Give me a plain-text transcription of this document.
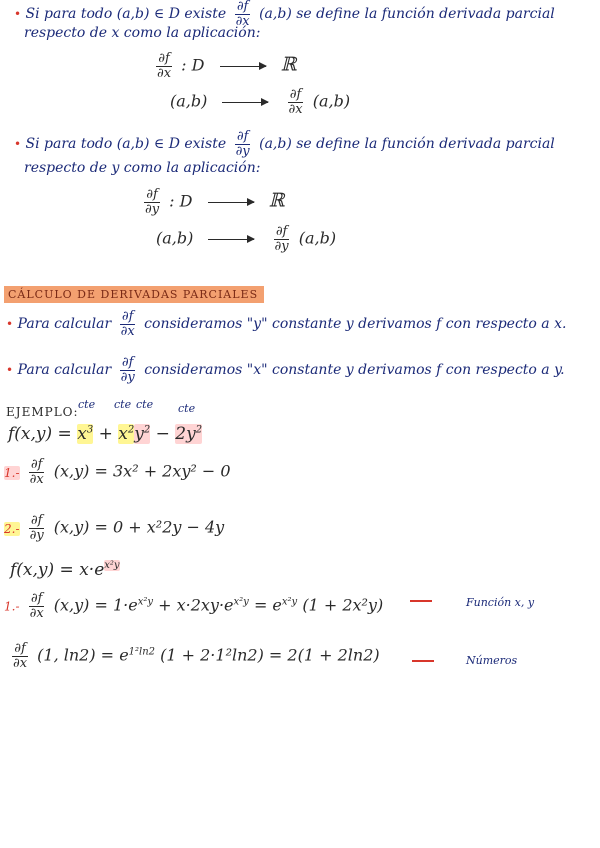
• Si para todo (a,b) ∈ D existe $\frac{\partial f}{\partial x} (a,b)$ se define la función derivada parcial
respecto de x como la aplicación:
$\frac{\partial f}{\partial x}$ : D	ℝ
(a,b)	$\frac{\partial f}{\partial x} (a,b)$
• Si para todo (a,b) ∈ D existe $\frac{\partial f}{\partial y} (a,b)$ se define la función derivada parcial
respecto de y como la aplicación:
$\frac{\partial f}{\partial y}$ : D	ℝ
(a,b)	$\frac{\partial f}{\partial y} (a,b)$
CÁLCULO DE DERIVADAS PARCIALES
• Para calcular $\frac{\partial f}{\partial x}$ consideramos "y" constante y derivamos f con respecto a x.
• Para calcular $\frac{\partial f}{\partial y}$ consideramos "x" constante y derivamos f con respecto a y.
EJEMPLO:
cte cte cte cte
$f(x,y) = x^3 + x^2y^2 - 2y^2$
$1.- \frac{\partial f}{\partial x} (x,y) = 3x^2 + 2xy^2 - 0$
$2.- \frac{\partial f}{\partial y} (x,y) = 0 + x^22y - 4y$
$f(x,y) = x\cdot e^{x^2y}$
$1.- \frac{\partial f}{\partial x} (x,y) = 1\cdot e^{x^2y} + x\cdot 2xy\cdot e^{x^2y} = e^{x^2y}$ (1 + 2x²y)	Función x, y
$\frac{\partial f}{\partial x} (1$, $\ln 2) = e^{1^2ln2}$ (1 + 2·1²ln2) = 2(1 + 2ln2)	Números
